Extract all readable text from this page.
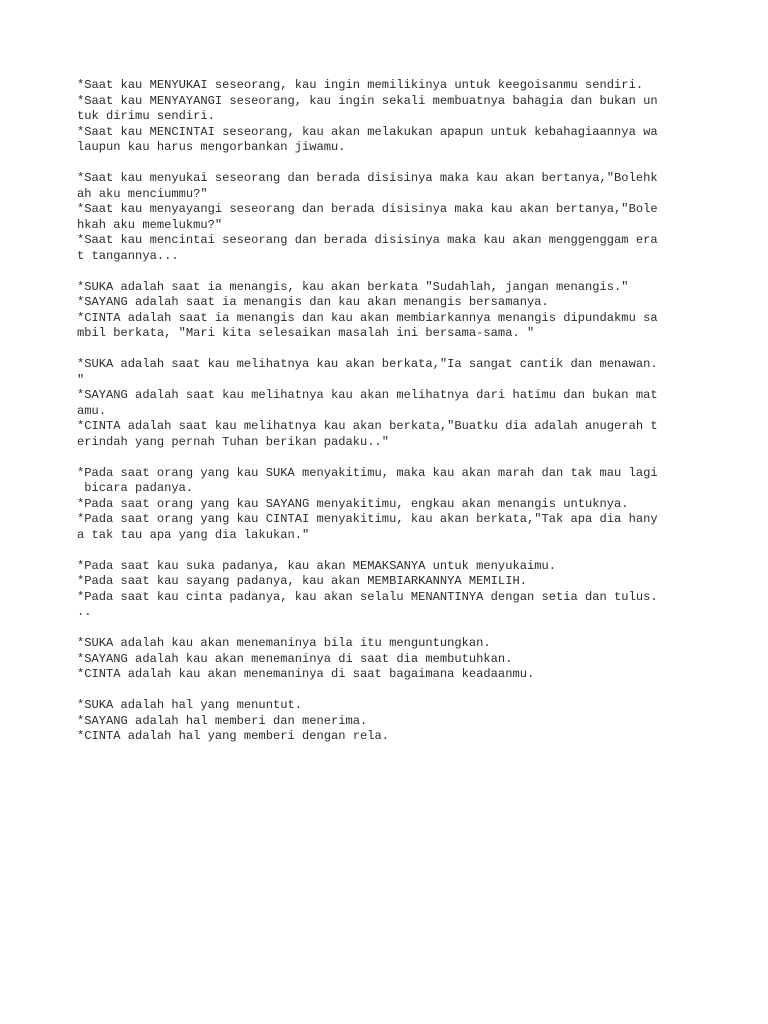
*Saat kau MENYUKAI seseorang, kau ingin memilikinya untuk keegoisanmu sendiri.
*Saat kau MENYAYANGI seseorang, kau ingin sekali membuatnya bahagia dan bukan un
tuk dirimu sendiri.
*Saat kau MENCINTAI seseorang, kau akan melakukan apapun untuk kebahagiaannya wa
laupun kau harus mengorbankan jiwamu.
*Saat kau menyukai seseorang dan berada disisinya maka kau akan bertanya,"Bolehk
ah aku menciummu?"
*Saat kau menyayangi seseorang dan berada disisinya maka kau akan bertanya,"Bole
hkah aku memelukmu?"
*Saat kau mencintai seseorang dan berada disisinya maka kau akan menggenggam era
t tangannya...
*SUKA adalah saat ia menangis, kau akan berkata "Sudahlah, jangan menangis."
*SAYANG adalah saat ia menangis dan kau akan menangis bersamanya.
*CINTA adalah saat ia menangis dan kau akan membiarkannya menangis dipundakmu sa
mbil berkata, "Mari kita selesaikan masalah ini bersama-sama. "
*SUKA adalah saat kau melihatnya kau akan berkata,"Ia sangat cantik dan menawan.
"
*SAYANG adalah saat kau melihatnya kau akan melihatnya dari hatimu dan bukan mat
amu.
*CINTA adalah saat kau melihatnya kau akan berkata,"Buatku dia adalah anugerah t
erindah yang pernah Tuhan berikan padaku.."
*Pada saat orang yang kau SUKA menyakitimu, maka kau akan marah dan tak mau lagi
bicara padanya.
*Pada saat orang yang kau SAYANG menyakitimu, engkau akan menangis untuknya.
*Pada saat orang yang kau CINTAI menyakitimu, kau akan berkata,"Tak apa dia hany
a tak tau apa yang dia lakukan."
*Pada saat kau suka padanya, kau akan MEMAKSANYA untuk menyukaimu.
*Pada saat kau sayang padanya, kau akan MEMBIARKANNYA MEMILIH.
*Pada saat kau cinta padanya, kau akan selalu MENANTINYA dengan setia dan tulus.
..
*SUKA adalah kau akan menemaninya bila itu menguntungkan.
*SAYANG adalah kau akan menemaninya di saat dia membutuhkan.
*CINTA adalah kau akan menemaninya di saat bagaimana keadaanmu.
*SUKA adalah hal yang menuntut.
*SAYANG adalah hal memberi dan menerima.
*CINTA adalah hal yang memberi dengan rela.
